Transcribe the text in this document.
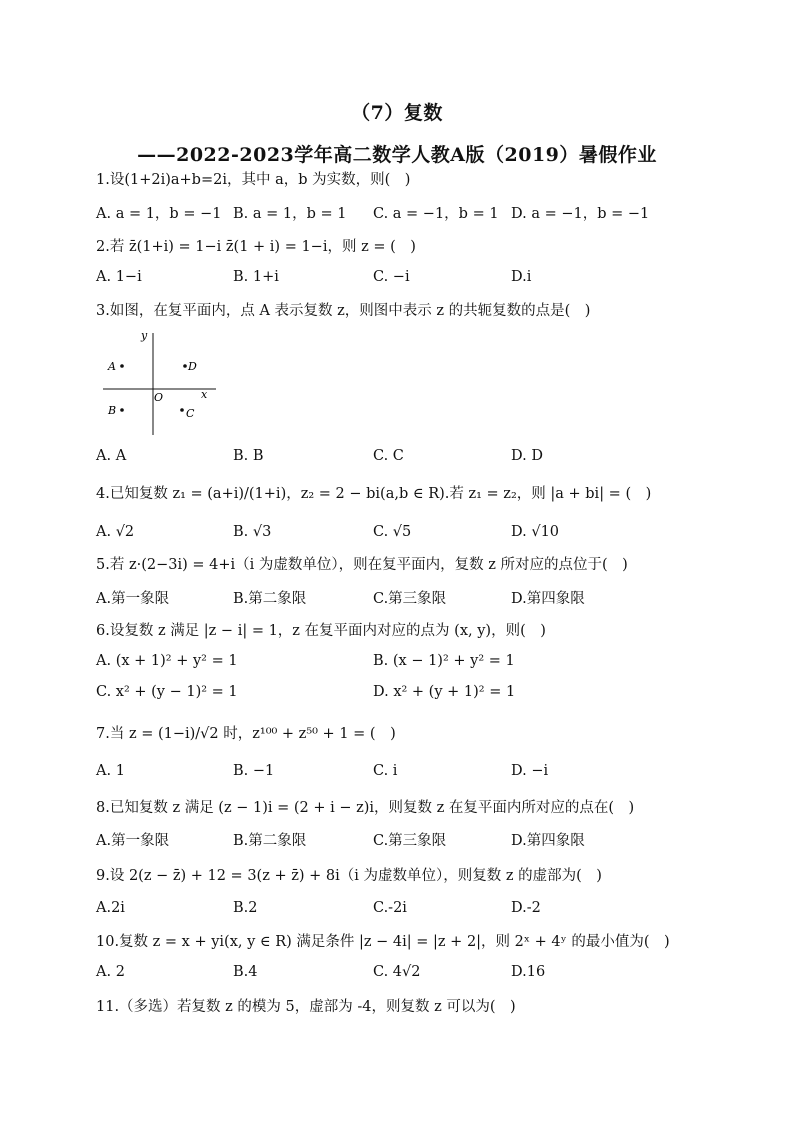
（7）复数
——2022-2023学年高二数学人教A版（2019）暑假作业
1.设(1+2i)a+b=2i，其中 a，b 为实数，则(　)
A. a = 1，b = −1 B. a = 1，b = 1 C. a = −1，b = 1 D. a = −1，b = −1
2.若 z̄(1+i) = 1−i z̄(1 + i) = 1−i，则 z = (　)
A. 1−i	B. 1+i	C. −i	D.i
3.如图，在复平面内，点 A 表示复数 z，则图中表示 z 的共轭复数的点是(　)
y
x
O
A	D
B	C
A. A	B. B	C. C	D. D
4.已知复数 z₁ = (a+i)/(1+i)，z₂ = 2 − bi(a,b ∈ R).若 z₁ = z₂，则 |a + bi| = (　)
A. √2	B. √3	C. √5	D. √10
5.若 z·(2−3i) = 4+i（i 为虚数单位），则在复平面内，复数 z 所对应的点位于(　)
A.第一象限	B.第二象限	C.第三象限	D.第四象限
6.设复数 z 满足 |z − i| = 1，z 在复平面内对应的点为 (x, y)，则(　)
A. (x + 1)² + y² = 1	B. (x − 1)² + y² = 1
C. x² + (y − 1)² = 1	D. x² + (y + 1)² = 1
7.当 z = (1−i)/√2 时，z¹⁰⁰ + z⁵⁰ + 1 = (　)
A. 1	B. −1	C. i	D. −i
8.已知复数 z 满足 (z − 1)i = (2 + i − z)i，则复数 z 在复平面内所对应的点在(　)
A.第一象限	B.第二象限	C.第三象限	D.第四象限
9.设 2(z − z̄) + 12 = 3(z + z̄) + 8i（i 为虚数单位），则复数 z 的虚部为(　)
A.2i	B.2	C.-2i	D.-2
10.复数 z = x + yi(x, y ∈ R) 满足条件 |z − 4i| = |z + 2|，则 2ˣ + 4ʸ 的最小值为(　)
A. 2	B.4	C. 4√2	D.16
11.（多选）若复数 z 的模为 5，虚部为 -4，则复数 z 可以为(　)
